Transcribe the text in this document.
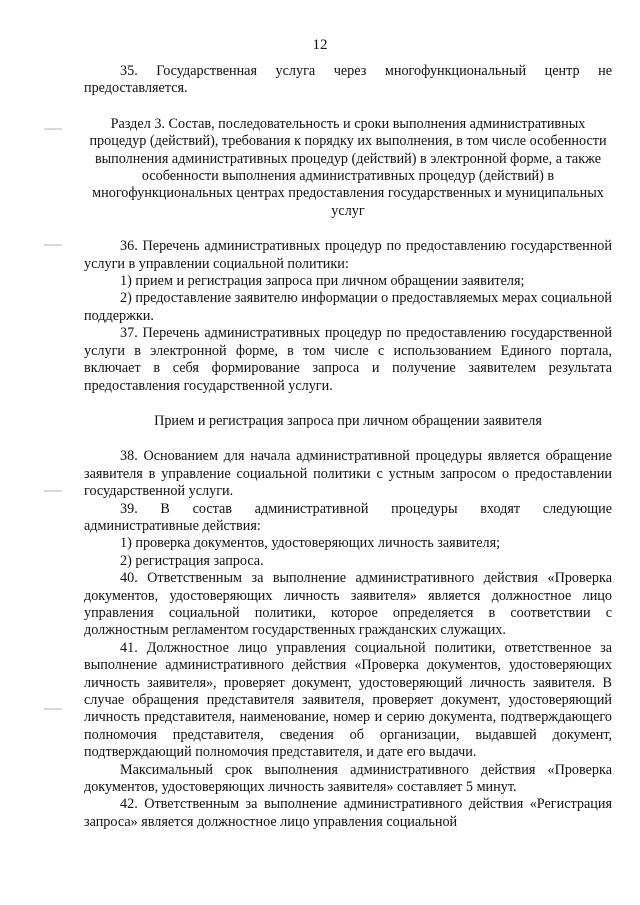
12

35. Государственная услуга через многофункциональный центр не предоставляется.

Раздел 3. Состав, последовательность и сроки выполнения административных процедур (действий), требования к порядку их выполнения, в том числе особенности выполнения административных процедур (действий) в электронной форме, а также особенности выполнения административных процедур (действий) в многофункциональных центрах предоставления государственных и муниципальных услуг

36. Перечень административных процедур по предоставлению государственной услуги в управлении социальной политики:

1) прием и регистрация запроса при личном обращении заявителя;

2) предоставление заявителю информации о предоставляемых мерах социальной поддержки.

37. Перечень административных процедур по предоставлению государственной услуги в электронной форме, в том числе с использованием Единого портала, включает в себя формирование запроса и получение заявителем результата предоставления государственной услуги.

Прием и регистрация запроса при личном обращении заявителя

38. Основанием для начала административной процедуры является обращение заявителя в управление социальной политики с устным запросом о предоставлении государственной услуги.

39. В состав административной процедуры входят следующие административные действия:

1) проверка документов, удостоверяющих личность заявителя;

2) регистрация запроса.

40. Ответственным за выполнение административного действия «Проверка документов, удостоверяющих личность заявителя» является должностное лицо управления социальной политики, которое определяется в соответствии с должностным регламентом государственных гражданских служащих.

41. Должностное лицо управления социальной политики, ответственное за выполнение административного действия «Проверка документов, удостоверяющих личность заявителя», проверяет документ, удостоверяющий личность заявителя. В случае обращения представителя заявителя, проверяет документ, удостоверяющий личность представителя, наименование, номер и серию документа, подтверждающего полномочия представителя, сведения об организации, выдавшей документ, подтверждающий полномочия представителя, и дате его выдачи.

Максимальный срок выполнения административного действия «Проверка документов, удостоверяющих личность заявителя» составляет 5 минут.

42. Ответственным за выполнение административного действия «Регистрация запроса» является должностное лицо управления социальной
